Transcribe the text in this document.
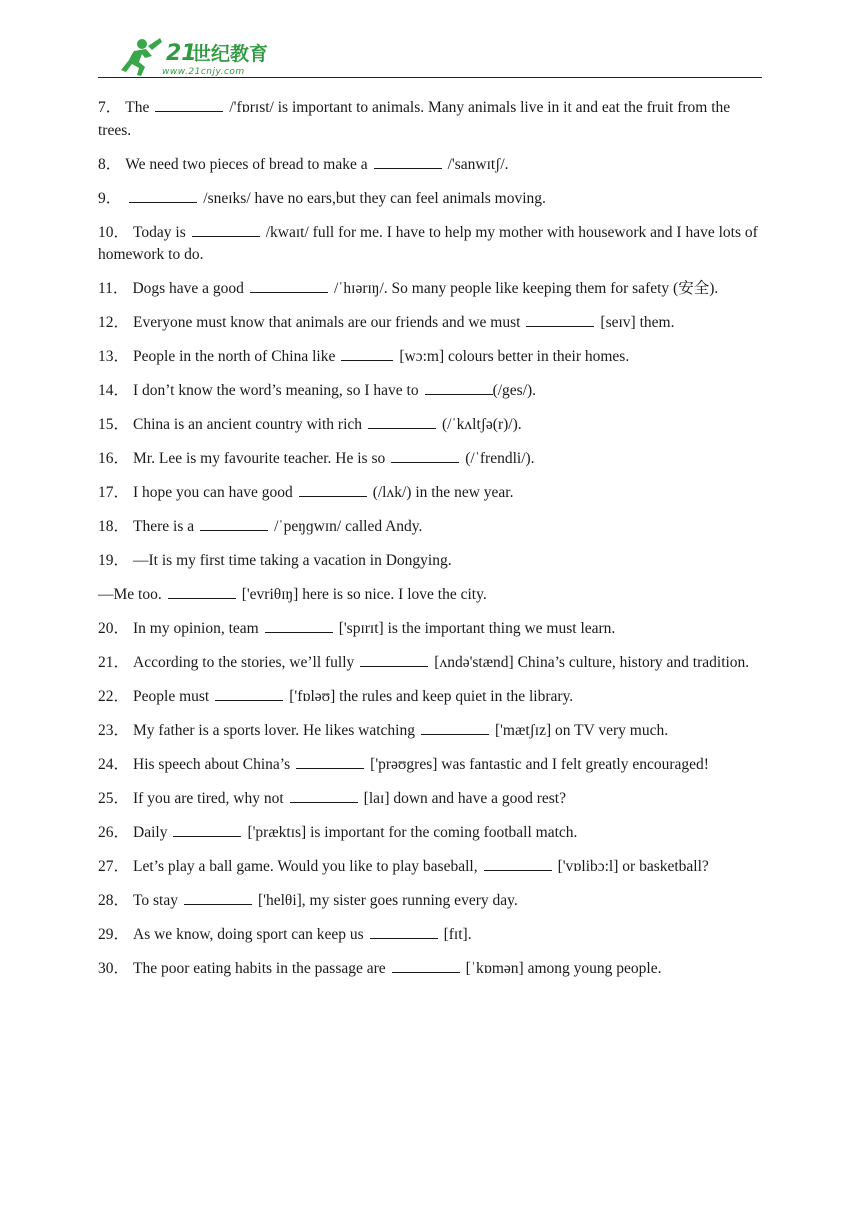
21
世纪教育
www.21cnjy.com

7． The	/'fɒrɪst/ is important to animals. Many animals live in it and eat the fruit from the trees.

8． We need two pieces of bread to make a	/'sanwɪtʃ/.

9．	/sneɪks/ have no ears,but they can feel animals moving.

10． Today is	/kwaɪt/ full for me. I have to help my mother with housework and I have lots of homework to do.

11． Dogs have a good	/ˈhɪərɪŋ/. So many people like keeping them for safety (安全).

12． Everyone must know that animals are our friends and we must	[seɪv] them.

13． People in the north of China like	[wɔ:m] colours better in their homes.

14． I don’t know the word’s meaning, so I have to	(/ges/).

15． China is an ancient country with rich	(/ˈkʌltʃə(r)/).

16． Mr. Lee is my favourite teacher. He is so	(/ˈfrendli/).

17． I hope you can have good	(/lʌk/) in the new year.

18． There is a	/ˈpeŋɡwɪn/ called Andy.

19． —It is my first time taking a vacation in Dongying.

—Me too.	['evriθɪŋ] here is so nice. I love the city.

20． In my opinion, team	['spɪrɪt] is the important thing we must learn.

21． According to the stories, we’ll fully	[ʌndə'stænd] China’s culture, history and tradition.

22． People must	['fɒləʊ] the rules and keep quiet in the library.

23． My father is a sports lover. He likes watching	['mætʃɪz] on TV very much.

24． His speech about China’s	['prəʊgres] was fantastic and I felt greatly encouraged!

25． If you are tired, why not	[laɪ] down and have a good rest?

26． Daily	['præktɪs] is important for the coming football match.

27． Let’s play a ball game. Would you like to play baseball,	['vɒlibɔ:l] or basketball?

28． To stay	['helθi], my sister goes running every day.

29． As we know, doing sport can keep us	[fɪt].

30． The poor eating habits in the passage are	[ˈkɒmən] among young people.
